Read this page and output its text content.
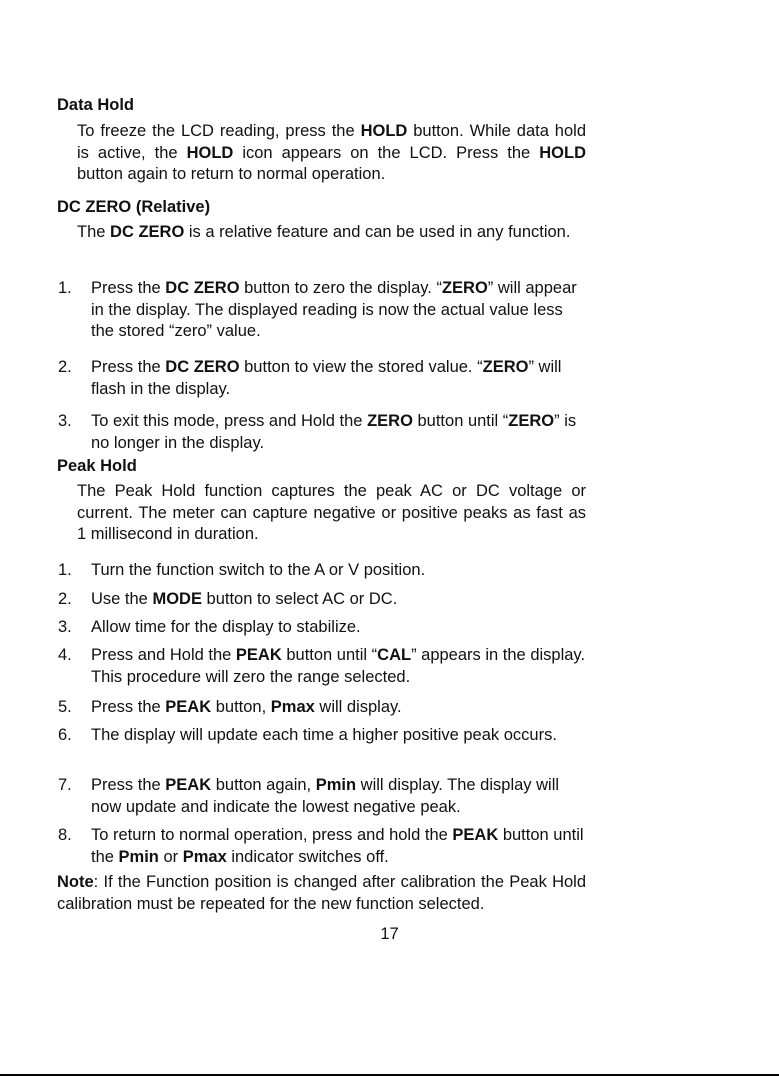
Data Hold
To freeze the LCD reading, press the HOLD button. While data hold is active, the HOLD icon appears on the LCD. Press the HOLD button again to return to normal operation.
DC ZERO (Relative)
The DC ZERO is a relative feature and can be used in any function.
1.	Press the DC ZERO button to zero the display. “ZERO” will appear in the display. The displayed reading is now the actual value less the stored “zero” value.
2.	Press the DC ZERO button to view the stored value. “ZERO” will flash in the display.
3.	To exit this mode, press and Hold the ZERO button until “ZERO” is no longer in the display.
Peak Hold
The Peak Hold function captures the peak AC or DC voltage or current. The meter can capture negative or positive peaks as fast as 1 millisecond in duration.
1.	Turn the function switch to the A or V position.
2.	Use the MODE button to select AC or DC.
3.	Allow time for the display to stabilize.
4.	Press and Hold the PEAK button until “CAL” appears in the display. This procedure will zero the range selected.
5.	Press the PEAK button, Pmax will display.
6.	The display will update each time a higher positive peak occurs.
7.	Press the PEAK button again, Pmin will display. The display will now update and indicate the lowest negative peak.
8.	To return to normal operation, press and hold the PEAK button until the Pmin or Pmax indicator switches off.
Note: If the Function position is changed after calibration the Peak Hold calibration must be repeated for the new function selected.
17
